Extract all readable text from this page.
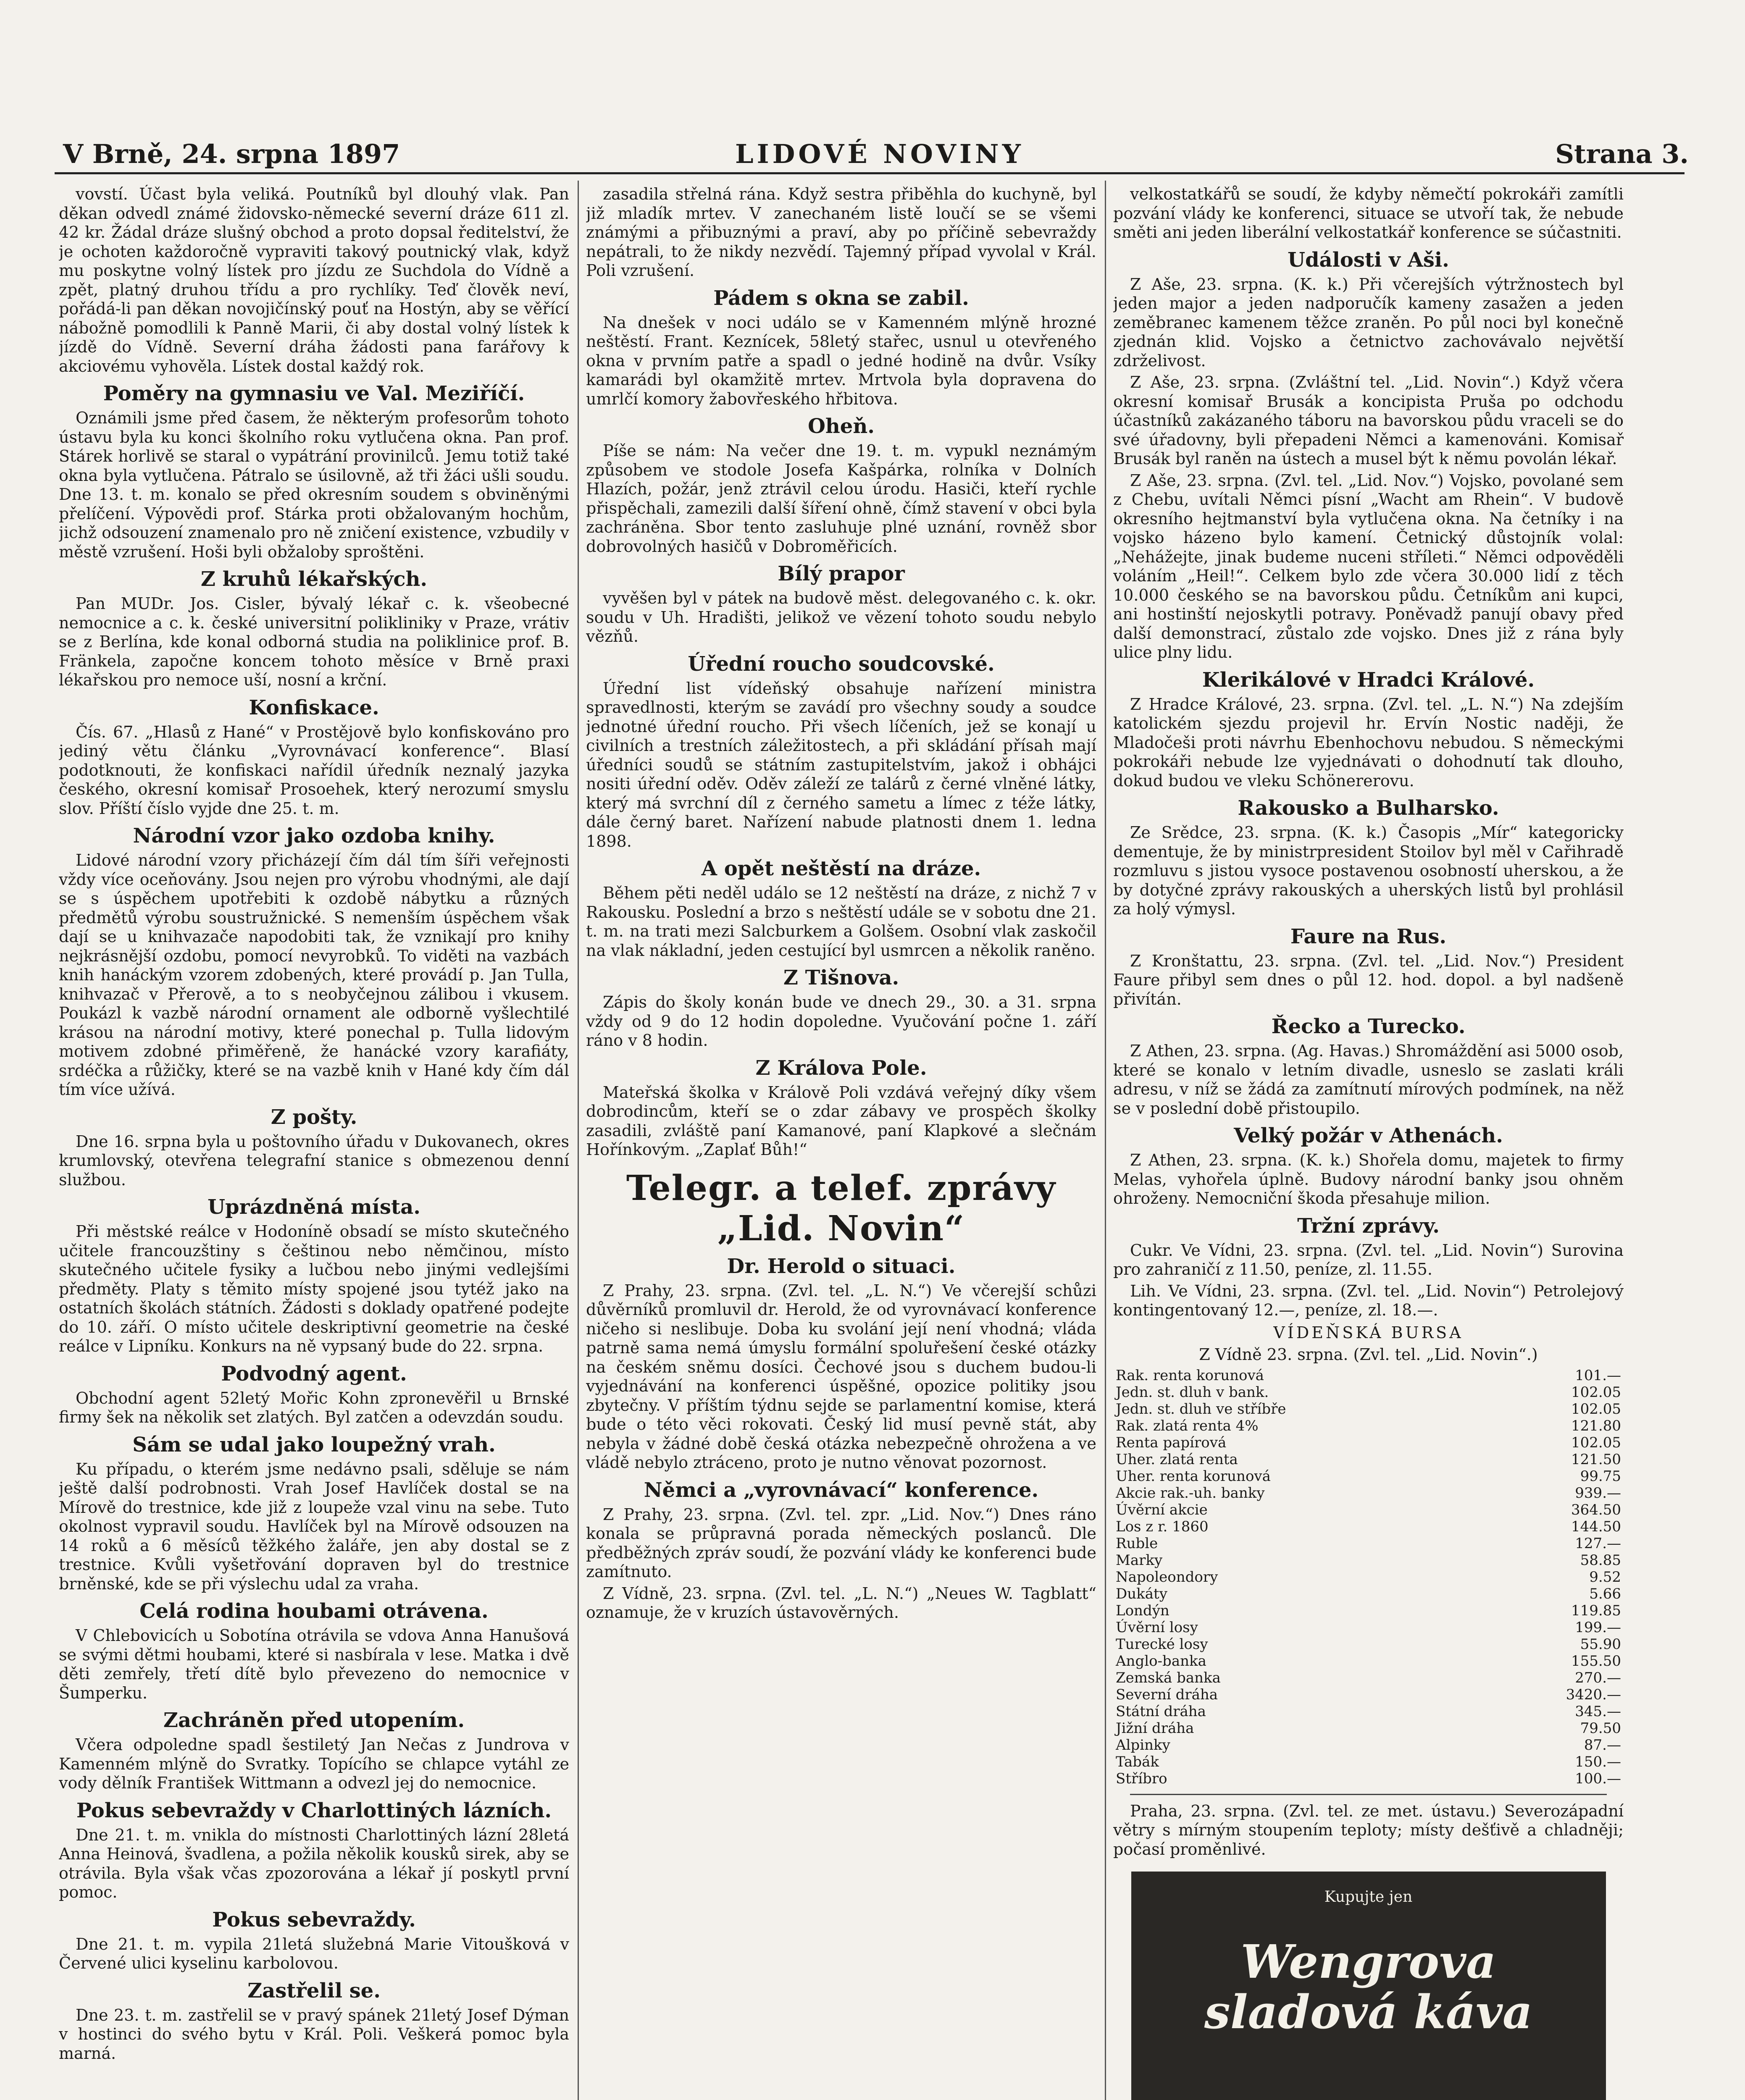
V Brně, 24. srpna 1897	LIDOVÉ NOVINY	Strana 3.

vovstí. Účast byla veliká. Poutníků byl dlouhý vlak. Pan děkan odvedl známé židovsko-německé severní dráze 611 zl. 42 kr. Žádal dráze slušný obchod a proto dopsal ředitelství, že je ochoten každoročně vypraviti takový poutnický vlak, když mu poskytne volný lístek pro jízdu ze Suchdola do Vídně a zpět, platný druhou třídu a pro rychlíky. Teď člověk neví, pořádá-li pan děkan novojičínský pouť na Hostýn, aby se věřící nábožně pomodlili k Panně Marii, či aby dostal volný lístek k jízdě do Vídně. Severní dráha žádosti pana farářovy k akciovému vyhověla. Lístek dostal každý rok.

Poměry na gymnasiu ve Val. Meziříčí.

Oznámili jsme před časem, že některým profesorům tohoto ústavu byla ku konci školního roku vytlučena okna. Pan prof. Stárek horlivě se staral o vypátrání provinilců. Jemu totiž také okna byla vytlučena. Pátralo se úsilovně, až tři žáci ušli soudu. Dne 13. t. m. konalo se před okresním soudem s obviněnými přelíčení. Výpovědi prof. Stárka proti obžalovaným hochům, jichž odsouzení znamenalo pro ně zničení existence, vzbudily v městě vzrušení. Hoši byli obžaloby sproštěni.

Z kruhů lékařských.

Pan MUDr. Jos. Cisler, bývalý lékař c. k. všeobecné nemocnice a c. k. české universitní polikliniky v Praze, vrátiv se z Berlína, kde konal odborná studia na poliklinice prof. B. Fränkela, započne koncem tohoto měsíce v Brně praxi lékařskou pro nemoce uší, nosní a krční.

Konfiskace.

Čís. 67. „Hlasů z Hané“ v Prostějově bylo konfiskováno pro jediný větu článku „Vyrovnávací konference“. Blasí podotknouti, že konfiskaci nařídil úředník neznalý jazyka českého, okresní komisař Prosoehek, který nerozumí smyslu slov. Příští číslo vyjde dne 25. t. m.

Národní vzor jako ozdoba knihy.

Lidové národní vzory přicházejí čím dál tím šíři veřejnosti vždy více oceňovány. Jsou nejen pro výrobu vhodnými, ale dají se s úspěchem upotřebiti k ozdobě nábytku a různých předmětů výrobu soustružnické. S nemenším úspěchem však dají se u knihvazače napodobiti tak, že vznikají pro knihy nejkrásnější ozdobu, pomocí nevyrobků. To viděti na vazbách knih hanáckým vzorem zdobených, které provádí p. Jan Tulla, knihvazač v Přerově, a to s neobyčejnou zálibou i vkusem. Poukázl k vazbě národní ornament ale odborně vyšlechtilé krásou na národní motivy, které ponechal p. Tulla lidovým motivem zdobné přiměřeně, že hanácké vzory karafiáty, srdéčka a růžičky, které se na vazbě knih v Hané kdy čím dál tím více užívá.

Z pošty.

Dne 16. srpna byla u poštovního úřadu v Dukovanech, okres krumlovský, otevřena telegrafní stanice s obmezenou denní službou.

Uprázdněná místa.

Při městské reálce v Hodoníně obsadí se místo skutečného učitele francouzštiny s češtinou nebo němčinou, místo skutečného učitele fysiky a lučbou nebo jinými vedlejšími předměty. Platy s těmito místy spojené jsou tytéž jako na ostatních školách státních. Žádosti s doklady opatřené podejte do 10. září. O místo učitele deskriptivní geometrie na české reálce v Lipníku. Konkurs na ně vypsaný bude do 22. srpna.

Podvodný agent.

Obchodní agent 52letý Mořic Kohn zpronevěřil u Brnské firmy šek na několik set zlatých. Byl zatčen a odevzdán soudu.

Sám se udal jako loupežný vrah.

Ku případu, o kterém jsme nedávno psali, sděluje se nám ještě další podrobnosti. Vrah Josef Havlíček dostal se na Mírově do trestnice, kde již z loupeže vzal vinu na sebe. Tuto okolnost vypravil soudu. Havlíček byl na Mírově odsouzen na 14 roků a 6 měsíců těžkého žaláře, jen aby dostal se z trestnice. Kvůli vyšetřování dopraven byl do trestnice brněnské, kde se při výslechu udal za vraha.

Celá rodina houbami otrávena.

V Chlebovicích u Sobotína otrávila se vdova Anna Hanušová se svými dětmi houbami, které si nasbírala v lese. Matka i dvě děti zemřely, třetí dítě bylo převezeno do nemocnice v Šumperku.

Zachráněn před utopením.

Včera odpoledne spadl šestiletý Jan Nečas z Jundrova v Kamenném mlýně do Svratky. Topícího se chlapce vytáhl ze vody dělník František Wittmann a odvezl jej do nemocnice.

Pokus sebevraždy v Charlottiných lázních.

Dne 21. t. m. vnikla do místnosti Charlottiných lázní 28letá Anna Heinová, švadlena, a požila několik kousků sirek, aby se otrávila. Byla však včas zpozorována a lékař jí poskytl první pomoc.

Pokus sebevraždy.

Dne 21. t. m. vypila 21letá služebná Marie Vitoušková v Červené ulici kyselinu karbolovou.

Zastřelil se.

Dne 23. t. m. zastřelil se v pravý spánek 21letý Josef Dýman v hostinci do svého bytu v Král. Poli. Veškerá pomoc byla marná.

zasadila střelná rána. Když sestra přiběhla do kuchyně, byl již mladík mrtev. V zanechaném listě loučí se se všemi známými a přibuznými a praví, aby po příčině sebevraždy nepátrali, to že nikdy nezvědí. Tajemný případ vyvolal v Král. Poli vzrušení.

Pádem s okna se zabil.

Na dnešek v noci událo se v Kamenném mlýně hrozné neštěstí. Frant. Keznícek, 58letý stařec, usnul u otevřeného okna v prvním patře a spadl o jedné hodině na dvůr. Vsíky kamarádi byl okamžitě mrtev. Mrtvola byla dopravena do umrlčí komory žabovřeského hřbitova.

Oheň.

Píše se nám: Na večer dne 19. t. m. vypukl neznámým způsobem ve stodole Josefa Kašpárka, rolníka v Dolních Hlazích, požár, jenž ztrávil celou úrodu. Hasiči, kteří rychle přispěchali, zamezili další šíření ohně, čímž stavení v obci byla zachráněna. Sbor tento zasluhuje plné uznání, rovněž sbor dobrovolných hasičů v Dobroměřicích.

Bílý prapor

vyvěšen byl v pátek na budově měst. delegovaného c. k. okr. soudu v Uh. Hradišti, jelikož ve vězení tohoto soudu nebylo vězňů.

Úřední roucho soudcovské.

Úřední list vídeňský obsahuje nařízení ministra spravedlnosti, kterým se zavádí pro všechny soudy a soudce jednotné úřední roucho. Při všech líčeních, jež se konají u civilních a trestních záležitostech, a při skládání přísah mají úředníci soudů se státním zastupitelstvím, jakož i obhájci nositi úřední oděv. Oděv záleží ze talárů z černé vlněné látky, který má svrchní díl z černého sametu a límec z téže látky, dále černý baret. Nařízení nabude platnosti dnem 1. ledna 1898.

A opět neštěstí na dráze.

Během pěti neděl událo se 12 neštěstí na dráze, z nichž 7 v Rakousku. Poslední a brzo s neštěstí udále se v sobotu dne 21. t. m. na trati mezi Salcburkem a Golšem. Osobní vlak zaskočil na vlak nákladní, jeden cestující byl usmrcen a několik raněno.

Z Tišnova.

Zápis do školy konán bude ve dnech 29., 30. a 31. srpna vždy od 9 do 12 hodin dopoledne. Vyučování počne 1. září ráno v 8 hodin.

Z Králova Pole.

Mateřská školka v Králově Poli vzdává veřejný díky všem dobrodincům, kteří se o zdar zábavy ve prospěch školky zasadili, zvláště paní Kamanové, paní Klapkové a slečnám Hořínkovým. „Zaplať Bůh!“

Telegr. a telef. zprávy „Lid. Novin“
Dr. Herold o situaci.

Z Prahy, 23. srpna. (Zvl. tel. „L. N.“) Ve včerejší schůzi důvěrníků promluvil dr. Herold, že od vyrovnávací konference ničeho si neslibuje. Doba ku svolání její není vhodná; vláda patrně sama nemá úmyslu formální spoluřešení české otázky na českém sněmu dosíci. Čechové jsou s duchem budou-li vyjednávání na konferenci úspěšné, opozice politiky jsou zbytečny. V příštím týdnu sejde se parlamentní komise, která bude o této věci rokovati. Český lid musí pevně stát, aby nebyla v žádné době česká otázka nebezpečně ohrožena a ve vládě nebylo ztráceno, proto je nutno věnovat pozornost.

Němci a „vyrovnávací“ konference.

Z Prahy, 23. srpna. (Zvl. tel. zpr. „Lid. Nov.“) Dnes ráno konala se průpravná porada německých poslanců. Dle předběžných zpráv soudí, že pozvání vlády ke konferenci bude zamítnuto.

Z Vídně, 23. srpna. (Zvl. tel. „L. N.“) „Neues W. Tagblatt“ oznamuje, že v kruzích ústavověrných.

velkostatkářů se soudí, že kdyby němečtí pokrokáři zamítli pozvání vlády ke konferenci, situace se utvoří tak, že nebude směti ani jeden liberální velkostatkář konference se súčastniti.

Události v Aši.

Z Aše, 23. srpna. (K. k.) Při včerejších výtržnostech byl jeden major a jeden nadporučík kameny zasažen a jeden zeměbranec kamenem těžce zraněn. Po půl noci byl konečně zjednán klid. Vojsko a četnictvo zachovávalo největší zdrželivost.

Z Aše, 23. srpna. (Zvláštní tel. „Lid. Novin“.) Když včera okresní komisař Brusák a koncipista Pruša po odchodu účastníků zakázaného táboru na bavorskou půdu vraceli se do své úřadovny, byli přepadeni Němci a kamenováni. Komisař Brusák byl raněn na ústech a musel být k němu povolán lékař.

Z Aše, 23. srpna. (Zvl. tel. „Lid. Nov.“) Vojsko, povolané sem z Chebu, uvítali Němci písní „Wacht am Rhein“. V budově okresního hejtmanství byla vytlučena okna. Na četníky i na vojsko házeno bylo kamení. Četnický důstojník volal: „Nehážejte, jinak budeme nuceni stříleti.“ Němci odpověděli voláním „Heil!“. Celkem bylo zde včera 30.000 lidí z těch 10.000 českého se na bavorskou půdu. Četníkům ani kupci, ani hostinští nejoskytli potravy. Poněvadž panují obavy před další demonstrací, zůstalo zde vojsko. Dnes již z rána byly ulice plny lidu.

Klerikálové v Hradci Králové.

Z Hradce Králové, 23. srpna. (Zvl. tel. „L. N.“) Na zdejším katolickém sjezdu projevil hr. Ervín Nostic naději, že Mladočeši proti návrhu Ebenhochovu nebudou. S německými pokrokáři nebude lze vyjednávati o dohodnutí tak dlouho, dokud budou ve vleku Schönererovu.

Rakousko a Bulharsko.

Ze Srědce, 23. srpna. (K. k.) Časopis „Mír“ kategoricky dementuje, že by ministrpresident Stoilov byl měl v Cařihradě rozmluvu s jistou vysoce postavenou osobností uherskou, a že by dotyčné zprávy rakouských a uherských listů byl prohlásil za holý výmysl.

Faure na Rus.

Z Kronštattu, 23. srpna. (Zvl. tel. „Lid. Nov.“) President Faure přibyl sem dnes o půl 12. hod. dopol. a byl nadšeně přivítán.

Řecko a Turecko.

Z Athen, 23. srpna. (Ag. Havas.) Shromáždění asi 5000 osob, které se konalo v letním divadle, usneslo se zaslati králi adresu, v níž se žádá za zamítnutí mírových podmínek, na něž se v poslední době přistoupilo.

Velký požár v Athenách.

Z Athen, 23. srpna. (K. k.) Shořela domu, majetek to firmy Melas, vyhořela úplně. Budovy národní banky jsou ohněm ohroženy. Nemocniční škoda přesahuje milion.

Tržní zprávy.

Cukr. Ve Vídni, 23. srpna. (Zvl. tel. „Lid. Novin“) Surovina pro zahraničí z 11.50, peníze, zl. 11.55.

Lih. Ve Vídni, 23. srpna. (Zvl. tel. „Lid. Novin“) Petrolejový kontingentovaný 12.—, peníze, zl. 18.—.

VÍDEŇSKÁ BURSA
Z Vídně 23. srpna. (Zvl. tel. „Lid. Novin“.)
Rak. renta korunová	101.—
Jedn. st. dluh v bank.	102.05
Jedn. st. dluh ve stříbře	102.05
Rak. zlatá renta 4%	121.80
Renta papírová	102.05
Uher. zlatá renta	121.50
Uher. renta korunová	99.75
Akcie rak.-uh. banky	939.—
Úvěrní akcie	364.50
Los z r. 1860	144.50
Ruble	127.—
Marky	58.85
Napoleondory	9.52
Dukáty	5.66
Londýn	119.85
Úvěrní losy	199.—
Turecké losy	55.90
Anglo-banka	155.50
Zemská banka	270.—
Severní dráha	3420.—
Státní dráha	345.—
Jižní dráha	79.50
Alpinky	87.—
Tabák	150.—
Stříbro	100.—

Praha, 23. srpna. (Zvl. tel. ze met. ústavu.) Severozápadní větry s mírným stoupením teploty; místy dešťivě a chladněji; počasí proměnlivé.

Kupujte jen
Wengrova
sladová káva
